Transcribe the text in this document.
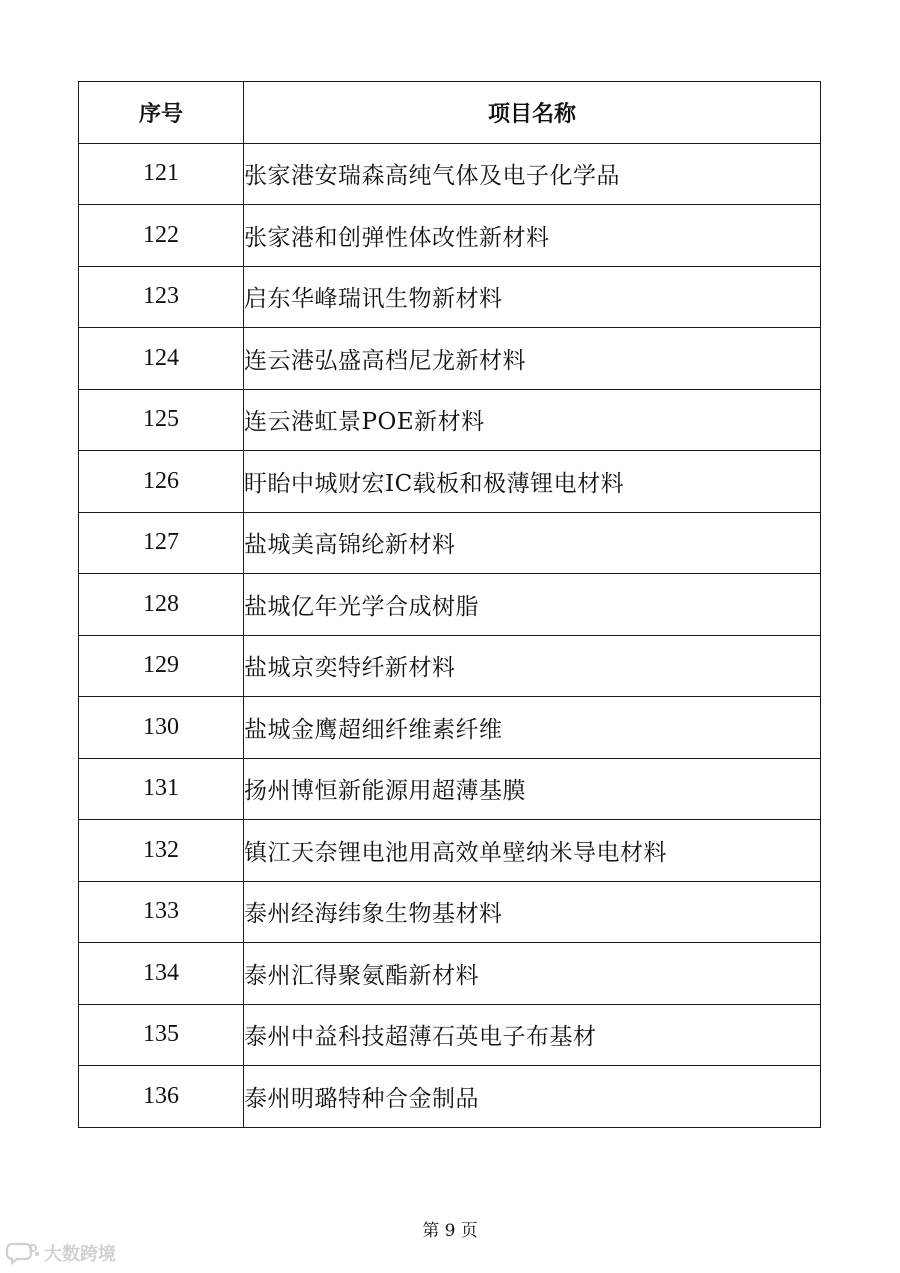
序号	项目名称
121	张家港安瑞森高纯气体及电子化学品
122	张家港和创弹性体改性新材料
123	启东华峰瑞讯生物新材料
124	连云港弘盛高档尼龙新材料
125	连云港虹景POE新材料
126	盱眙中城财宏IC载板和极薄锂电材料
127	盐城美高锦纶新材料
128	盐城亿年光学合成树脂
129	盐城京奕特纤新材料
130	盐城金鹰超细纤维素纤维
131	扬州博恒新能源用超薄基膜
132	镇江天奈锂电池用高效单壁纳米导电材料
133	泰州经海纬象生物基材料
134	泰州汇得聚氨酯新材料
135	泰州中益科技超薄石英电子布基材
136	泰州明璐特种合金制品
第 9 页
大数跨境
